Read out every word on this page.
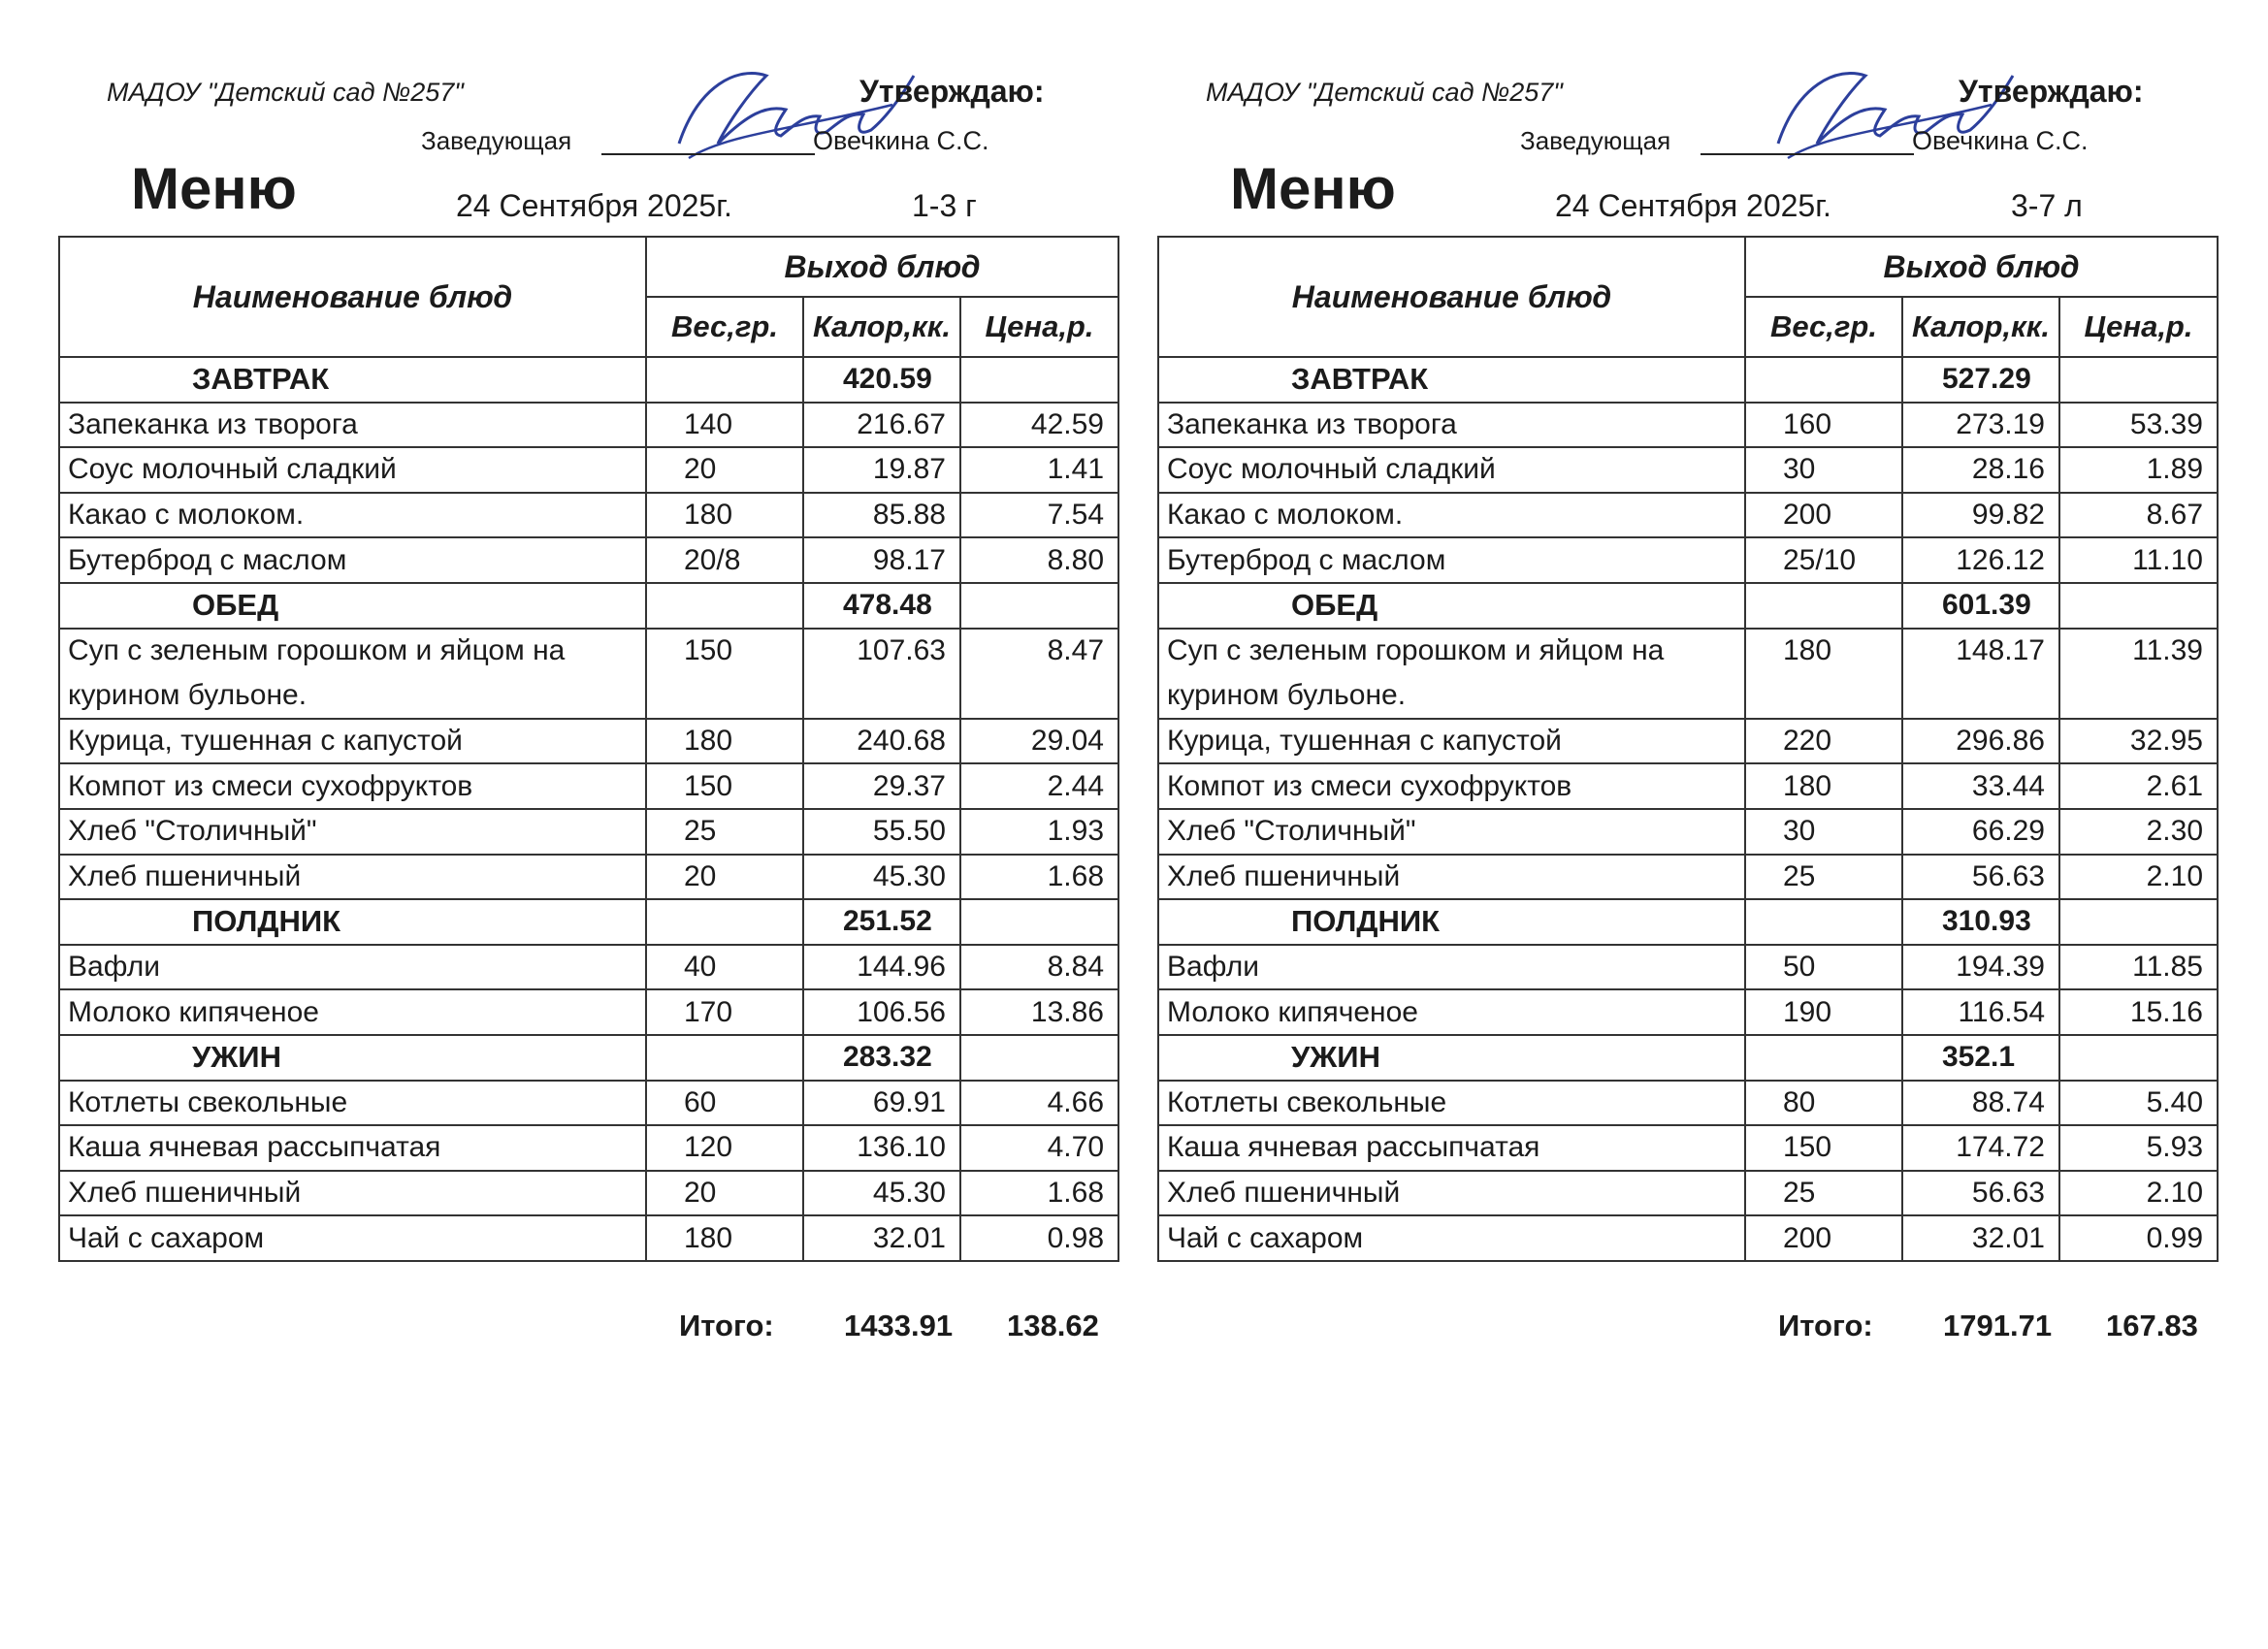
МАДОУ "Детский сад №257"	Утверждаю:
Заведующая	Овечкина С.С.
Меню	24 Сентября 2025г.	1-3 г
Наименование блюд	Выход блюд		
	Вес,гр.	Калор,кк.	Цена,р.
ЗАВТРАК		420.59	
Запеканка из творога	140	216.67	42.59
Соус молочный сладкий	20	19.87	1.41
Какао с молоком.	180	85.88	7.54
Бутерброд с маслом	20/8	98.17	8.80
ОБЕД		478.48	
Суп с зеленым горошком и яйцом на	150	107.63	8.47
курином бульоне.			
Курица, тушенная с капустой	180	240.68	29.04
Компот из смеси сухофруктов	150	29.37	2.44
Хлеб "Столичный"	25	55.50	1.93
Хлеб пшеничный	20	45.30	1.68
ПОЛДНИК		251.52	
Вафли	40	144.96	8.84
Молоко кипяченое	170	106.56	13.86
УЖИН		283.32	
Котлеты свекольные	60	69.91	4.66
Каша ячневая рассыпчатая	120	136.10	4.70
Хлеб пшеничный	20	45.30	1.68
Чай с сахаром	180	32.01	0.98
Итого: 1433.91 138.62
МАДОУ "Детский сад №257"	Утверждаю:
Заведующая	Овечкина С.С.
Меню	24 Сентября 2025г.	3-7 л
Наименование блюд	Выход блюд		
	Вес,гр.	Калор,кк.	Цена,р.
ЗАВТРАК		527.29	
Запеканка из творога	160	273.19	53.39
Соус молочный сладкий	30	28.16	1.89
Какао с молоком.	200	99.82	8.67
Бутерброд с маслом	25/10	126.12	11.10
ОБЕД		601.39	
Суп с зеленым горошком и яйцом на	180	148.17	11.39
курином бульоне.			
Курица, тушенная с капустой	220	296.86	32.95
Компот из смеси сухофруктов	180	33.44	2.61
Хлеб "Столичный"	30	66.29	2.30
Хлеб пшеничный	25	56.63	2.10
ПОЛДНИК		310.93	
Вафли	50	194.39	11.85
Молоко кипяченое	190	116.54	15.16
УЖИН		352.1	
Котлеты свекольные	80	88.74	5.40
Каша ячневая рассыпчатая	150	174.72	5.93
Хлеб пшеничный	25	56.63	2.10
Чай с сахаром	200	32.01	0.99
Итого: 1791.71 167.83
